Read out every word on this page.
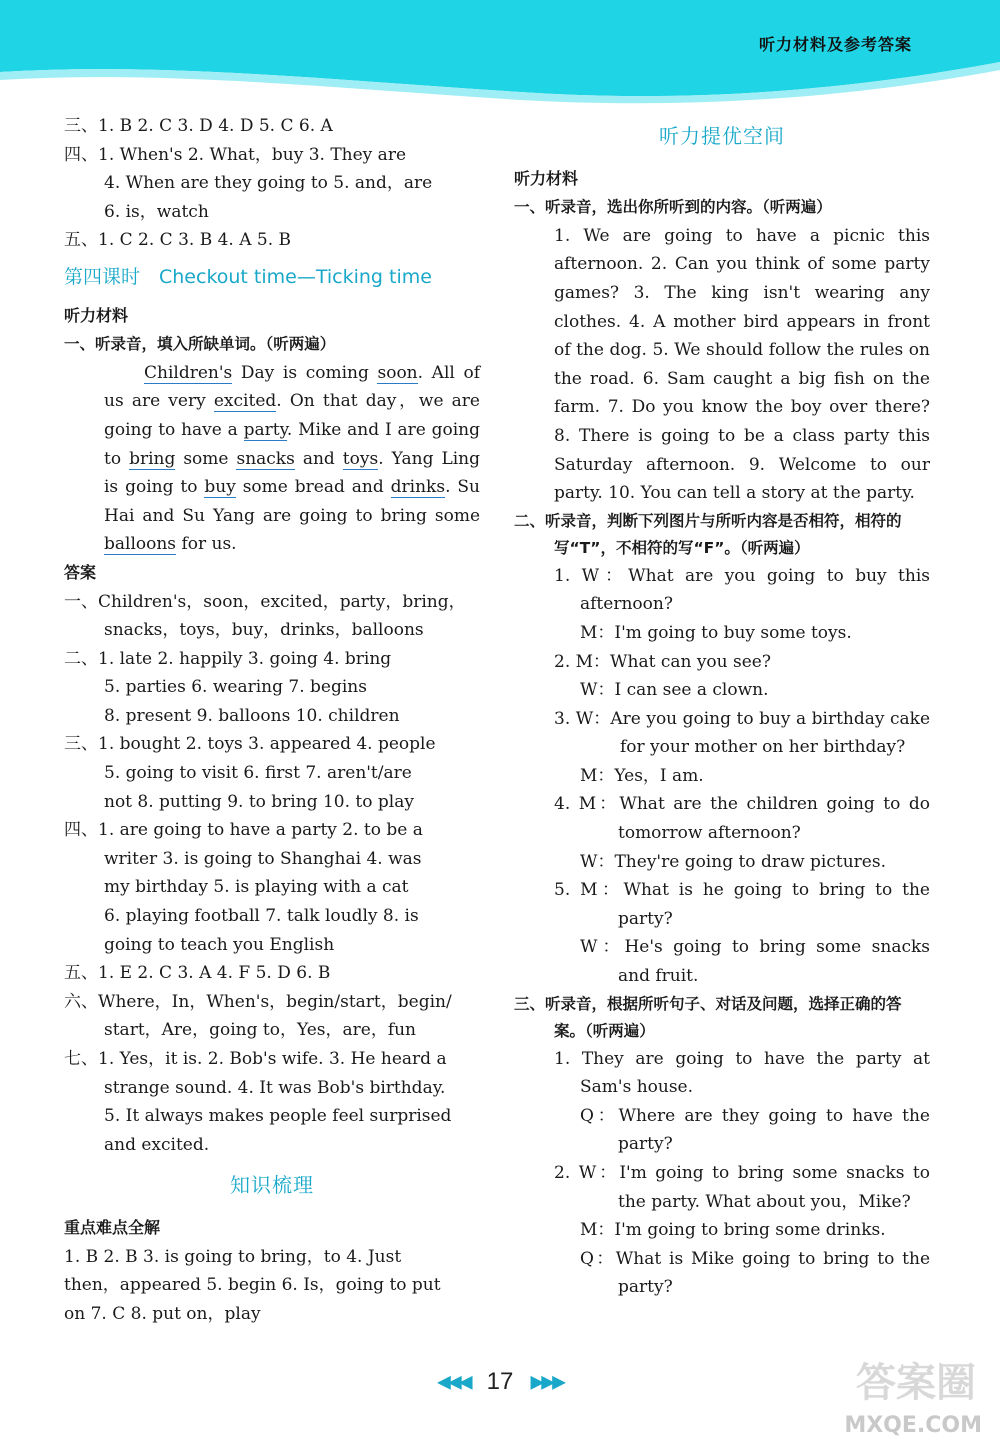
听力材料及参考答案
三、1. B 2. C 3. D 4. D 5. C 6. A
四、1. When's 2. What，buy 3. They are
4. When are they going to 5. and，are
6. is，watch
五、1. C 2. C 3. B 4. A 5. B
第四课时　Checkout time—Ticking time
听力材料
一、听录音，填入所缺单词。（听两遍）
Children's Day is coming soon. All of us are very excited. On that day，we are going to have a party. Mike and I are going to bring some snacks and toys. Yang Ling is going to buy some bread and drinks. Su Hai and Su Yang are going to bring some balloons for us.
答案
一、Children's，soon，excited，party，bring，
snacks，toys，buy，drinks，balloons
二、1. late 2. happily 3. going 4. bring
5. parties 6. wearing 7. begins
8. present 9. balloons 10. children
三、1. bought 2. toys 3. appeared 4. people
5. going to visit 6. first 7. aren't/are
not 8. putting 9. to bring 10. to play
四、1. are going to have a party 2. to be a
writer 3. is going to Shanghai 4. was
my birthday 5. is playing with a cat
6. playing football 7. talk loudly 8. is
going to teach you English
五、1. E 2. C 3. A 4. F 5. D 6. B
六、Where，In，When's，begin/start，begin/
start，Are，going to，Yes，are，fun
七、1. Yes，it is. 2. Bob's wife. 3. He heard a
strange sound. 4. It was Bob's birthday.
5. It always makes people feel surprised
and excited.
知识梳理
重点难点全解
1. B 2. B 3. is going to bring，to 4. Just
then，appeared 5. begin 6. Is，going to put
on 7. C 8. put on，play
听力提优空间
听力材料
一、听录音，选出你所听到的内容。（听两遍）
1. We are going to have a picnic this afternoon. 2. Can you think of some party games? 3. The king isn't wearing any clothes. 4. A mother bird appears in front of the dog. 5. We should follow the rules on the road. 6. Sam caught a big fish on the farm. 7. Do you know the boy over there? 8. There is going to be a class party this Saturday afternoon. 9. Welcome to our party. 10. You can tell a story at the party.
二、听录音，判断下列图片与所听内容是否相符，相符的写“T”，不相符的写“F”。（听两遍）
1. W：What are you going to buy this afternoon?
M：I'm going to buy some toys.
2. M：What can you see?
W：I can see a clown.
3. W：Are you going to buy a birthday cake for your mother on her birthday?
M：Yes，I am.
4. M：What are the children going to do tomorrow afternoon?
W：They're going to draw pictures.
5. M：What is he going to bring to the party?
W：He's going to bring some snacks and fruit.
三、听录音，根据所听句子、对话及问题，选择正确的答案。（听两遍）
1. They are going to have the party at Sam's house.
Q：Where are they going to have the party?
2. W：I'm going to bring some snacks to the party. What about you，Mike?
M：I'm going to bring some drinks.
Q：What is Mike going to bring to the party?
◀◀◀ 17 ▶▶▶	答案圈
MXQE.COM
